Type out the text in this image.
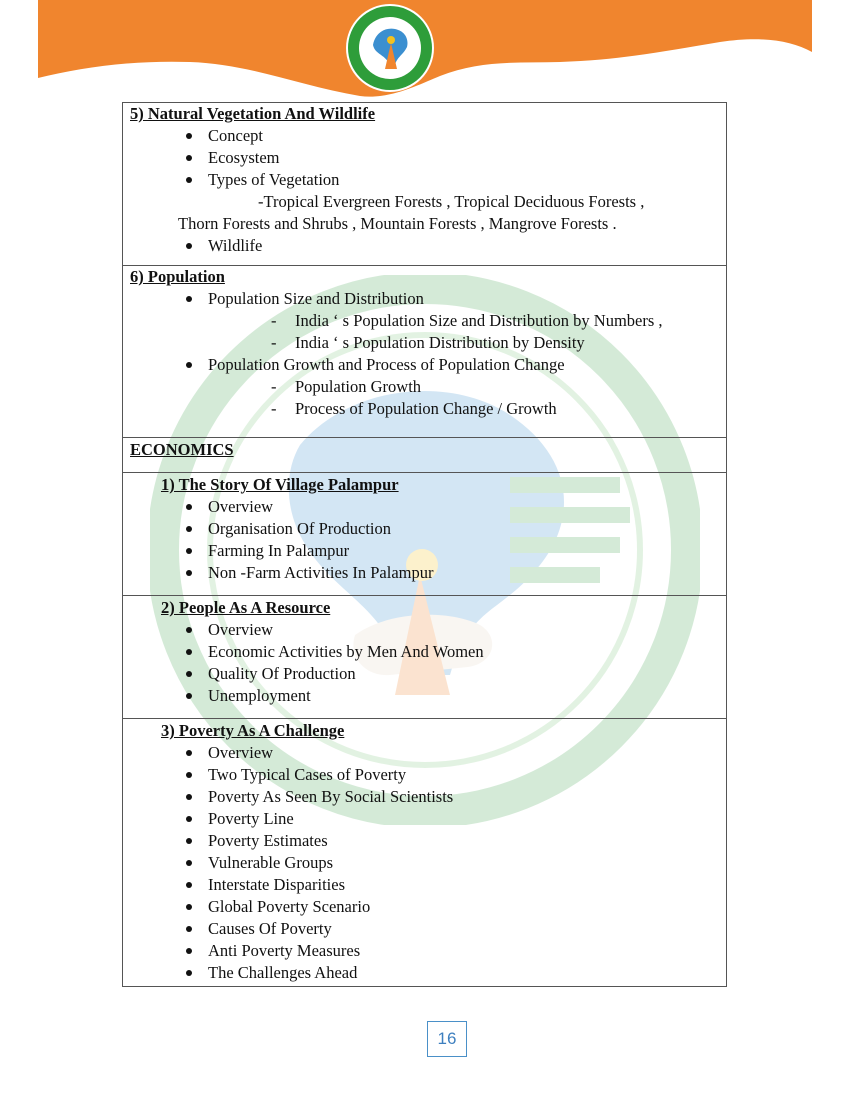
5) Natural Vegetation And Wildlife
Concept
Ecosystem
Types of Vegetation
-Tropical Evergreen Forests , Tropical Deciduous Forests ,
Thorn Forests and Shrubs , Mountain Forests , Mangrove Forests .
Wildlife
6) Population
Population Size and Distribution
- India ‘ s Population Size and Distribution by Numbers ,
- India ‘ s Population Distribution by Density
Population Growth and Process of Population Change
- Population Growth
- Process of Population Change / Growth
ECONOMICS
1) The Story Of Village Palampur
Overview
Organisation Of Production
Farming In Palampur
Non -Farm Activities In Palampur
2) People As A Resource
Overview
Economic Activities by Men And Women
Quality Of Production
Unemployment
3) Poverty As A Challenge
Overview
Two Typical Cases of Poverty
Poverty As Seen By Social Scientists
Poverty Line
Poverty Estimates
Vulnerable Groups
Interstate Disparities
Global Poverty Scenario
Causes Of Poverty
Anti Poverty Measures
The Challenges Ahead
16
